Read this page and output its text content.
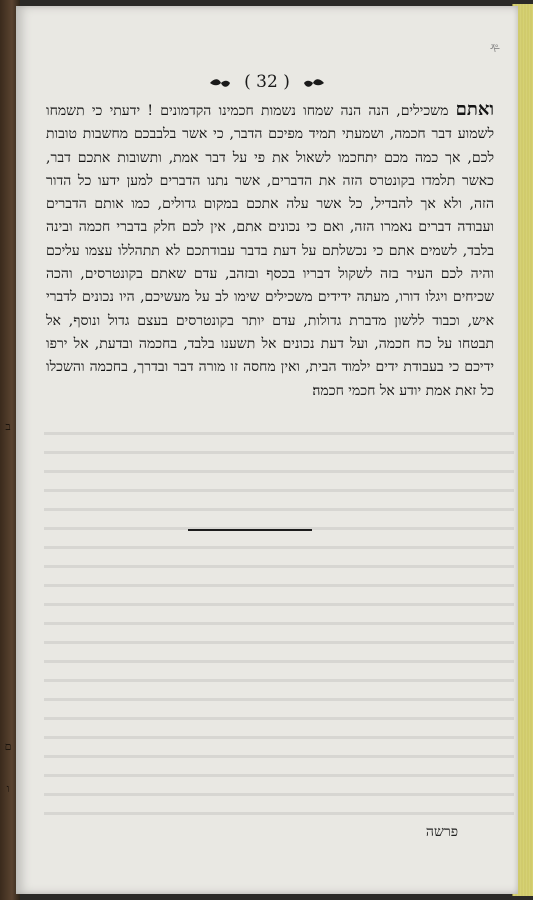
ב
ם
ו
ᢝ
( 32 )

ואתם משכילים, הנה הנה שמחו נשמות חכמינו הקדמונים ! ידעתי כי תשמחו לשמוע דבר חכמה, ושמעתי תמיד מפיכם הדבר, כי אשר בלבבכם מחשבות טובות לכם, אך כמה מכם יתחכמו לשאול את פי על דבר אמת, ותשובות אתכם דבר, כאשר תלמדו בקונטרס הזה את הדברים, אשר נתנו הדברים למען ידעו כל הדור הזה, ולא אך להבדיל, כל אשר עלה אתכם במקום גדולים, כמו אותם הדברים ועבודה דברים נאמרו הזה, ואם כי נכונים אתם, אין לכם חלק בדברי חכמה ובינה בלבד, לשמים אתם כי נכשלתם על דעת בדבר עבודתכם לא תתהללו עצמו עליכם והיה לכם העיר בזה לשקול דבריו בכסף ובזהב, עדם שאתם בקונטרסים, והכה שכיחים ויגלו דורו, מעתה ידידים משכילים שימו לב על מעשיכם, היו נכונים לדברי איש, וכבוד ללשון מדברת גדולות, עדם יותר בקונטרסים בעצם גדול ונוסף, אל תבטחו על כח חכמה, ועל דעת נכונים אל תשענו בלבד, בחכמה ובדעת, אל ירפו ידיכם כי בעבודת ידים ילמוד הבית, ואין מחסה זו מורה דבר ובדרך, בחכמה והשכלו כל זאת אמת יודע אל חכמי חכמה׃

פרשה
